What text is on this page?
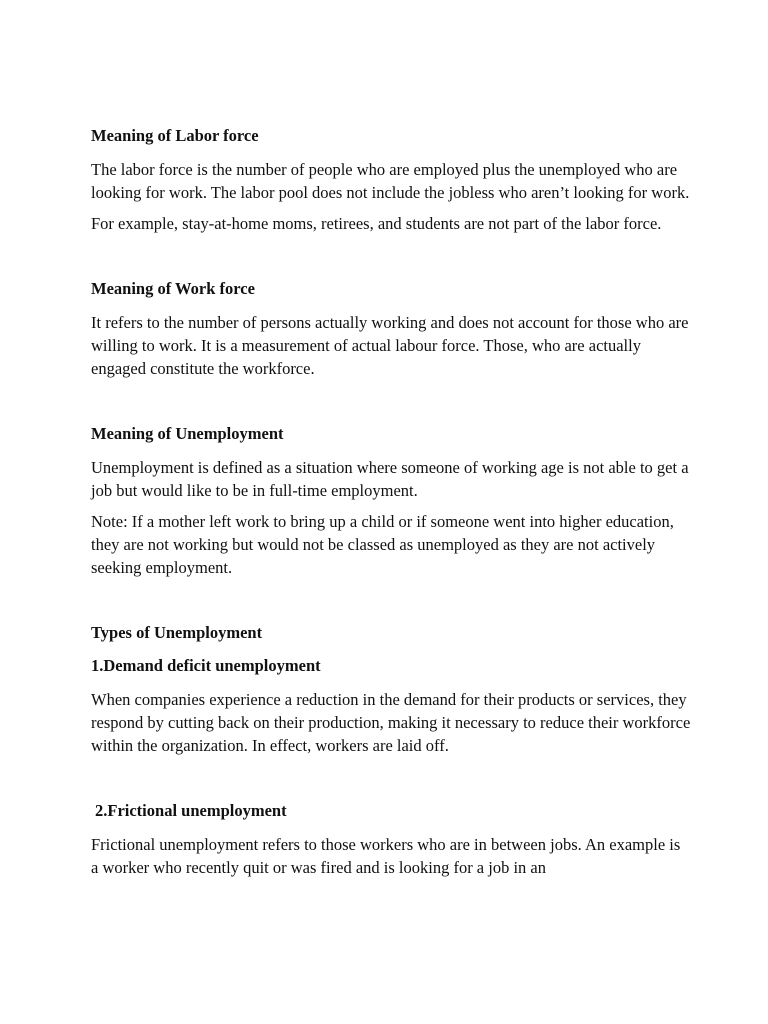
Meaning of Labor force

The labor force is the number of people who are employed plus the unemployed who are looking for work. The labor pool does not include the jobless who aren’t looking for work.

For example, stay-at-home moms, retirees, and students are not part of the labor force.

Meaning of Work force

It refers to the number of persons actually working and does not account for those who are willing to work. It is a measurement of actual labour force. Those, who are actually engaged constitute the workforce.

Meaning of Unemployment

Unemployment is defined as a situation where someone of working age is not able to get a job but would like to be in full-time employment.

Note: If a mother left work to bring up a child or if someone went into higher education, they are not working but would not be classed as unemployed as they are not actively seeking employment.

Types of Unemployment

1.Demand deficit unemployment

When companies experience a reduction in the demand for their products or services, they respond by cutting back on their production, making it necessary to reduce their workforce within the organization. In effect, workers are laid off.

2.Frictional unemployment

Frictional unemployment refers to those workers who are in between jobs. An example is a worker who recently quit or was fired and is looking for a job in an
